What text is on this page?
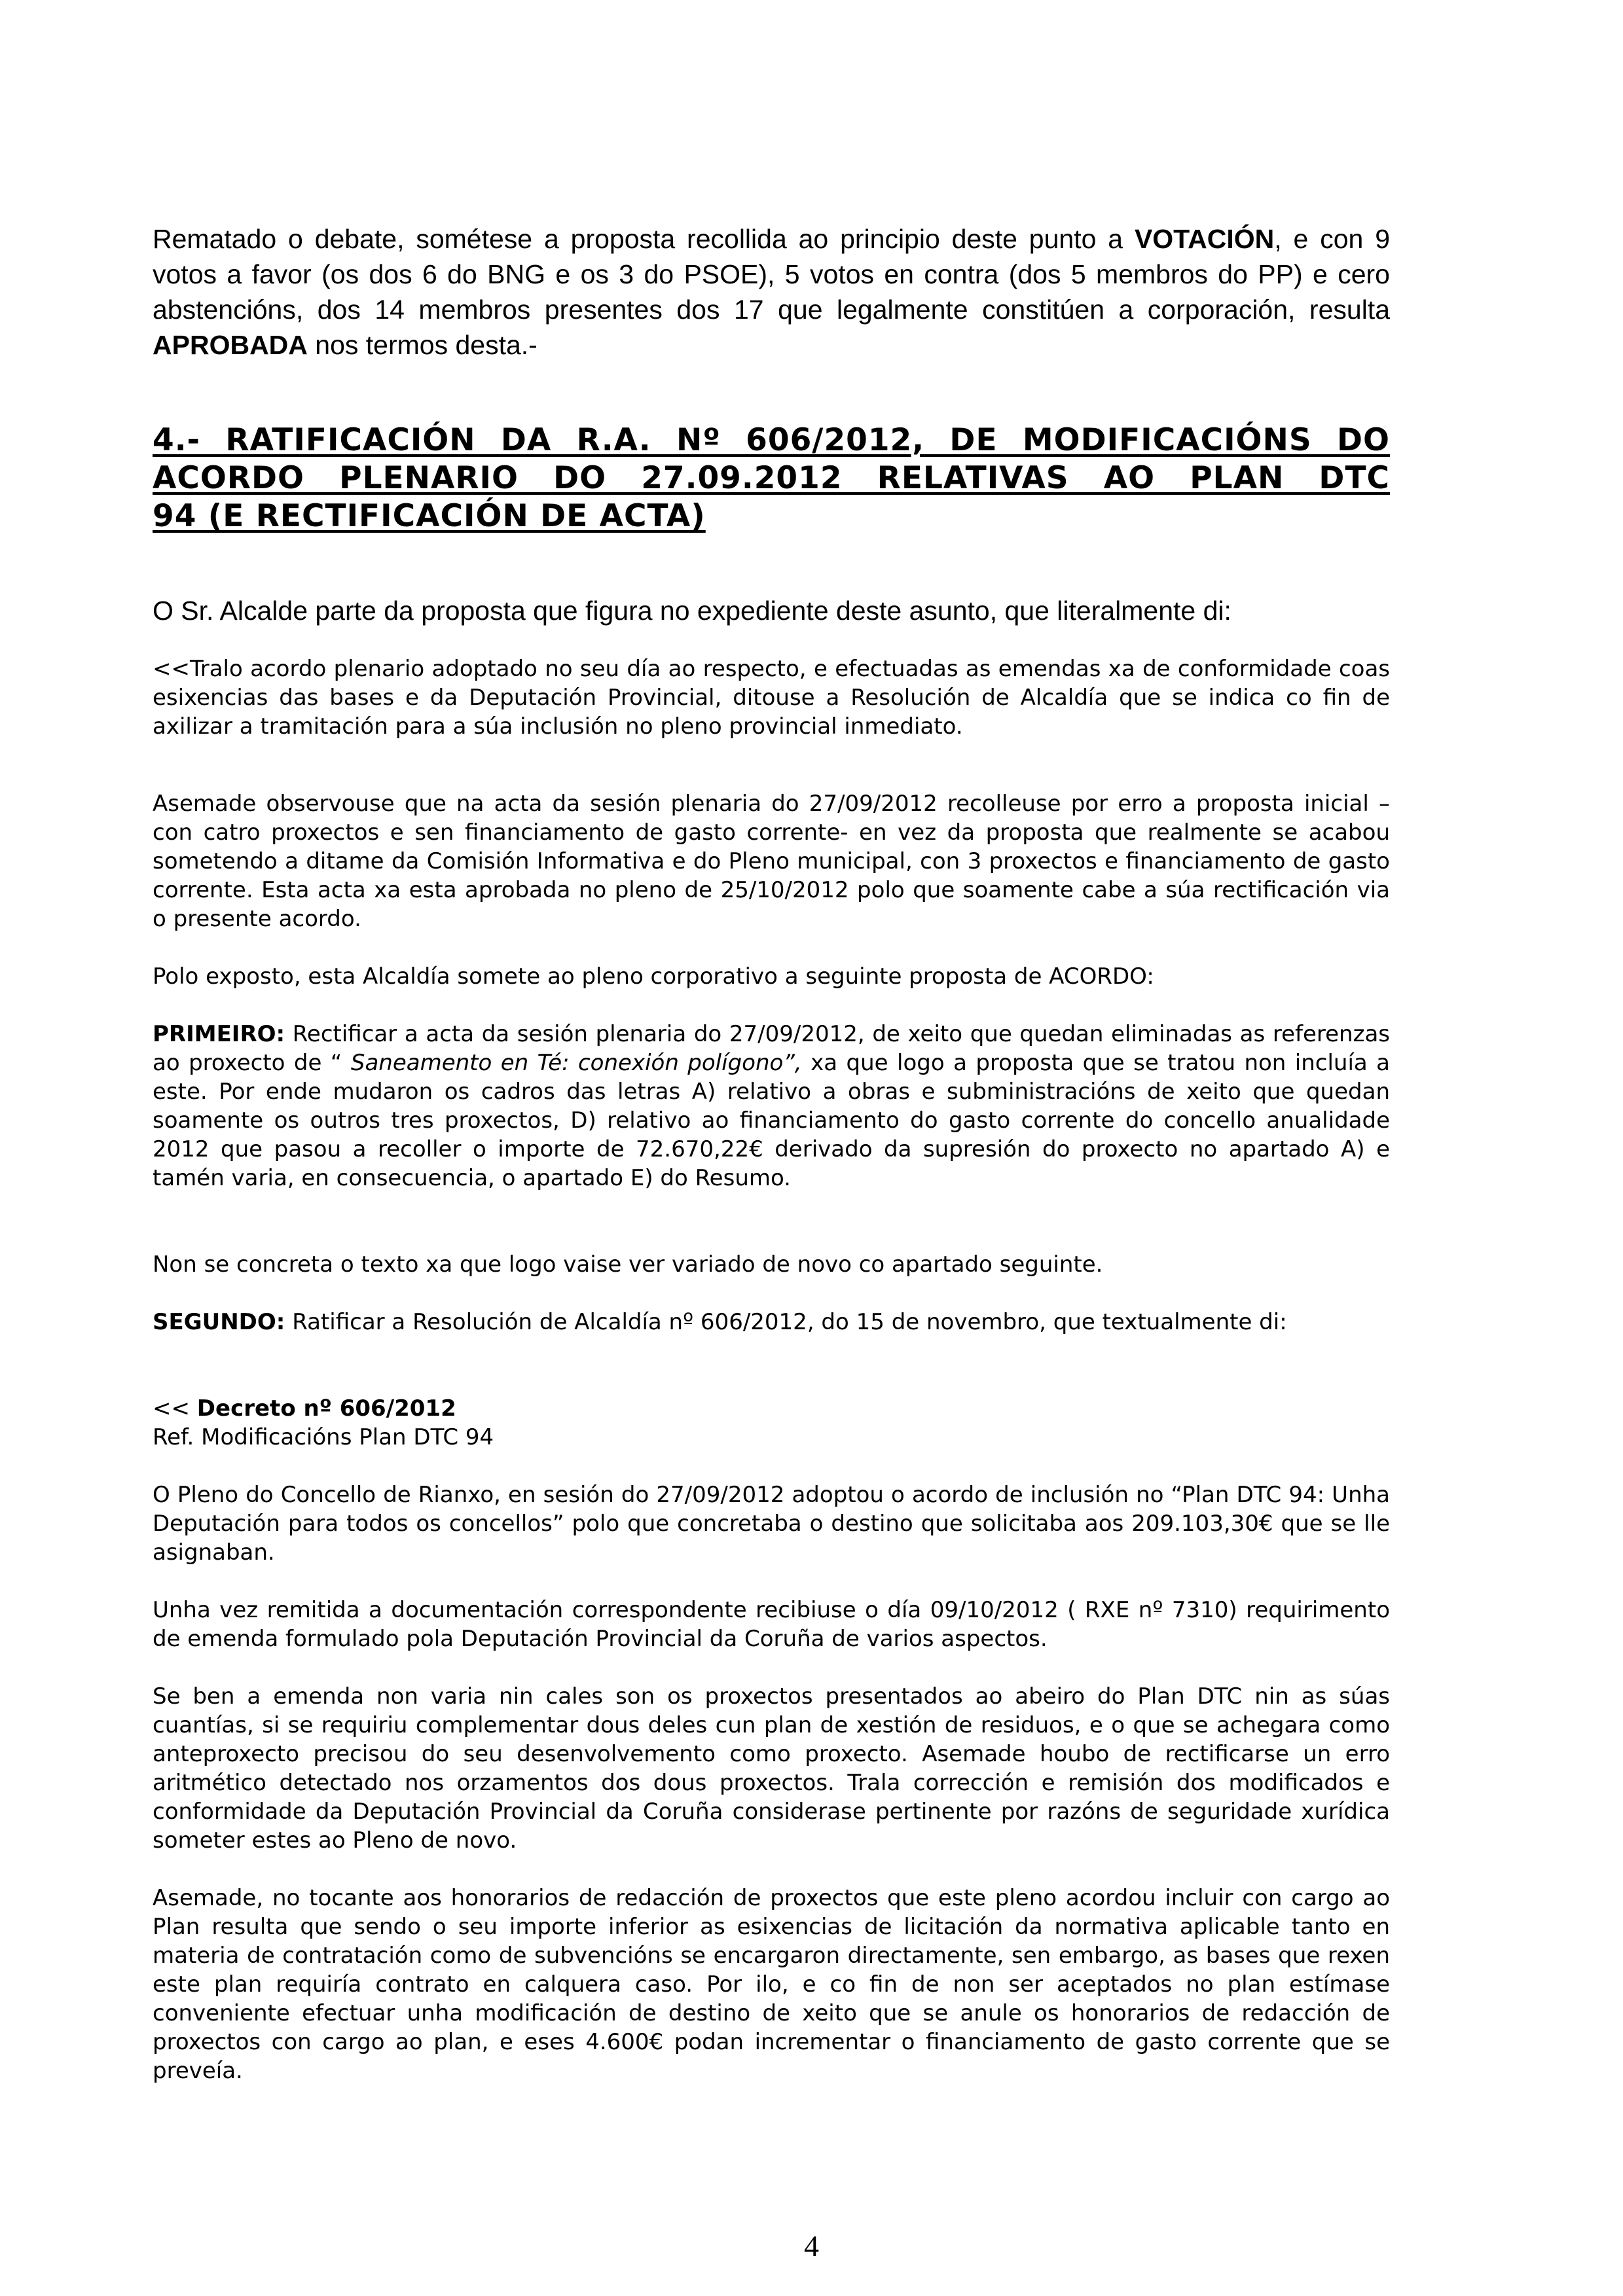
Rematado o debate, sométese a proposta recollida ao principio deste punto a VOTACIÓN, e con 9 votos a favor (os dos 6 do BNG e os 3 do PSOE), 5 votos en contra (dos 5 membros do PP) e cero abstencións, dos 14 membros presentes dos 17 que legalmente constitúen a corporación, resulta APROBADA nos termos desta.-

4.- RATIFICACIÓN DA R.A. Nº 606/2012, DE MODIFICACIÓNS DO
ACORDO PLENARIO DO 27.09.2012 RELATIVAS AO PLAN DTC
94 (E RECTIFICACIÓN DE ACTA)

O Sr. Alcalde parte da proposta que figura no expediente deste asunto, que literalmente di:

<<Tralo acordo plenario adoptado no seu día ao respecto, e efectuadas as emendas xa de conformidade coas esixencias das bases e da Deputación Provincial, ditouse a Resolución de Alcaldía que se indica co fin de axilizar a tramitación para a súa inclusión no pleno provincial inmediato.

Asemade observouse que na acta da sesión plenaria do 27/09/2012 recolleuse por erro a proposta inicial – con catro proxectos e sen financiamento de gasto corrente- en vez da proposta que realmente se acabou sometendo a ditame da Comisión Informativa e do Pleno municipal, con 3 proxectos e financiamento de gasto corrente. Esta acta xa esta aprobada no pleno de 25/10/2012 polo que soamente cabe a súa rectificación via o presente acordo.

Polo exposto, esta Alcaldía somete ao pleno corporativo a seguinte proposta de ACORDO:

PRIMEIRO: Rectificar a acta da sesión plenaria do 27/09/2012, de xeito que quedan eliminadas as referenzas ao proxecto de “ Saneamento en Té: conexión polígono”, xa que logo a proposta que se tratou non incluía a este. Por ende mudaron os cadros das letras A) relativo a obras e subministracións de xeito que quedan soamente os outros tres proxectos, D) relativo ao financiamento do gasto corrente do concello anualidade 2012 que pasou a recoller o importe de 72.670,22€ derivado da supresión do proxecto no apartado A) e tamén varia, en consecuencia, o apartado E) do Resumo.

Non se concreta o texto xa que logo vaise ver variado de novo co apartado seguinte.

SEGUNDO: Ratificar a Resolución de Alcaldía nº 606/2012, do 15 de novembro, que textualmente di:

<< Decreto nº 606/2012

Ref. Modificacións Plan DTC 94

O Pleno do Concello de Rianxo, en sesión do 27/09/2012 adoptou o acordo de inclusión no “Plan DTC 94: Unha Deputación para todos os concellos” polo que concretaba o destino que solicitaba aos 209.103,30€ que se lle asignaban.

Unha vez remitida a documentación correspondente recibiuse o día 09/10/2012 ( RXE nº 7310) requirimento de emenda formulado pola Deputación Provincial da Coruña de varios aspectos.

Se ben a emenda non varia nin cales son os proxectos presentados ao abeiro do Plan DTC nin as súas cuantías, si se requiriu complementar dous deles cun plan de xestión de residuos, e o que se achegara como anteproxecto precisou do seu desenvolvemento como proxecto. Asemade houbo de rectificarse un erro aritmético detectado nos orzamentos dos dous proxectos. Trala corrección e remisión dos modificados e conformidade da Deputación Provincial da Coruña considerase pertinente por razóns de seguridade xurídica someter estes ao Pleno de novo.

Asemade, no tocante aos honorarios de redacción de proxectos que este pleno acordou incluir con cargo ao Plan resulta que sendo o seu importe inferior as esixencias de licitación da normativa aplicable tanto en materia de contratación como de subvencións se encargaron directamente, sen embargo, as bases que rexen este plan requiría contrato en calquera caso. Por ilo, e co fin de non ser aceptados no plan estímase conveniente efectuar unha modificación de destino de xeito que se anule os honorarios de redacción de proxectos con cargo ao plan, e eses 4.600€ podan incrementar o financiamento de gasto corrente que se preveía.

4
